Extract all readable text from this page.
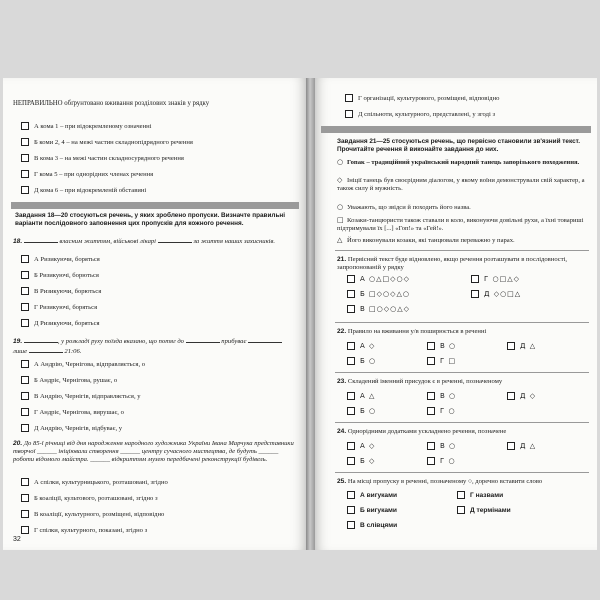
НЕПРАВИЛЬНО обґрунтовано вживання розділових знаків у рядку
А кома 1 – при відокремленому означенні
Б коми 2, 4 – на межі частин складнопідрядного речення
В кома 3 – на межі частин складносурядного речення
Г кома 5 – при однорідних членах речення
Д кома 6 – при відокремленій обставині
Завдання 18—20 стосуються речень, у яких зроблено пропуски. Визначте правильні варіанти послідовного заповнення цих пропусків для кожного речення.
18.	власним життям, військові лікарі	за життя наших захисників.
А Ризикуючи, боряться
Б Ризикуючі, борються
В Ризикуючи, борються
Г Ризикуючі, боряться
Д Ризикуючи, боряться
19.	, у розкладі руху поїзда вказано, що потяг до	прибуває  лише	21:06.
А Андрію, Чернігова, відправляється, о
Б Андріє, Чернігова, рушає, о
В Андрію, Чернігів, відправляється, у
Г Андріє, Чернігова, вирушає, о
Д Андрію, Чернігів, відбуває, у
20. До 85-ї річниці від дня народження народного художника України Івана Марчука представники творчої ______ ініціювали створення ______ центру сучасного мистецтва, де будуть ______ роботи відомого майстра. ______ відкриттям музею передбачені реконструкції будівель.
А спілки, культурницького, розташовані, згідно
Б коаліції, культового, розташовані, згідно з
В коаліції, культурного, розміщені, відповідно
Г спілки, культурного, показані, згідно з
32
Г організації, культурового, розміщені, відповідно
Д спільноти, культурного, представлені, у згоді з
Завдання 21—25 стосуються речень, що первісно становили зв'язний текст. Прочитайте речення й виконайте завдання до них.
○ Гопак – традиційний український народний танець запорізького походження.
◇ Ініції танець був своєрідним діалогом, у якому воїни демонстрували свій характер, а також силу й мужність.
○ Уважають, що звідси й походить його назва.
□ Козаки-танцюристи також ставали в коло, виконуючи довільні рухи, а їхні товариші підтримували їх [...] «Гоп!» та «Гей!».
△ Його виконували козаки, які танцювали переважно у парах.
21. Первісний текст буде відновлено, якщо речення розташувати в послідовності, запропонованій у рядку
А ○△□◇○◇
Б □◇○◇△○
В □○◇○△◇
Г ○□△◇
Д ◇○□△
22. Правило на вживання у/в поширюється в реченні
А ◇
Б ○
В ○
Г □
Д △
23. Складений іменний присудок є в реченні, позначеному
А △
Б ○
В ○
Г ○
Д ◇
24. Однорідними додатками ускладнено речення, позначене
А ◇
Б ◇
В ○
Г ○
Д △
25. На місці пропуску в реченні, позначеному ○, доречно вставити слово
А вигуками
Б вигуками
В слівцями
Г назвами
Д термінами
